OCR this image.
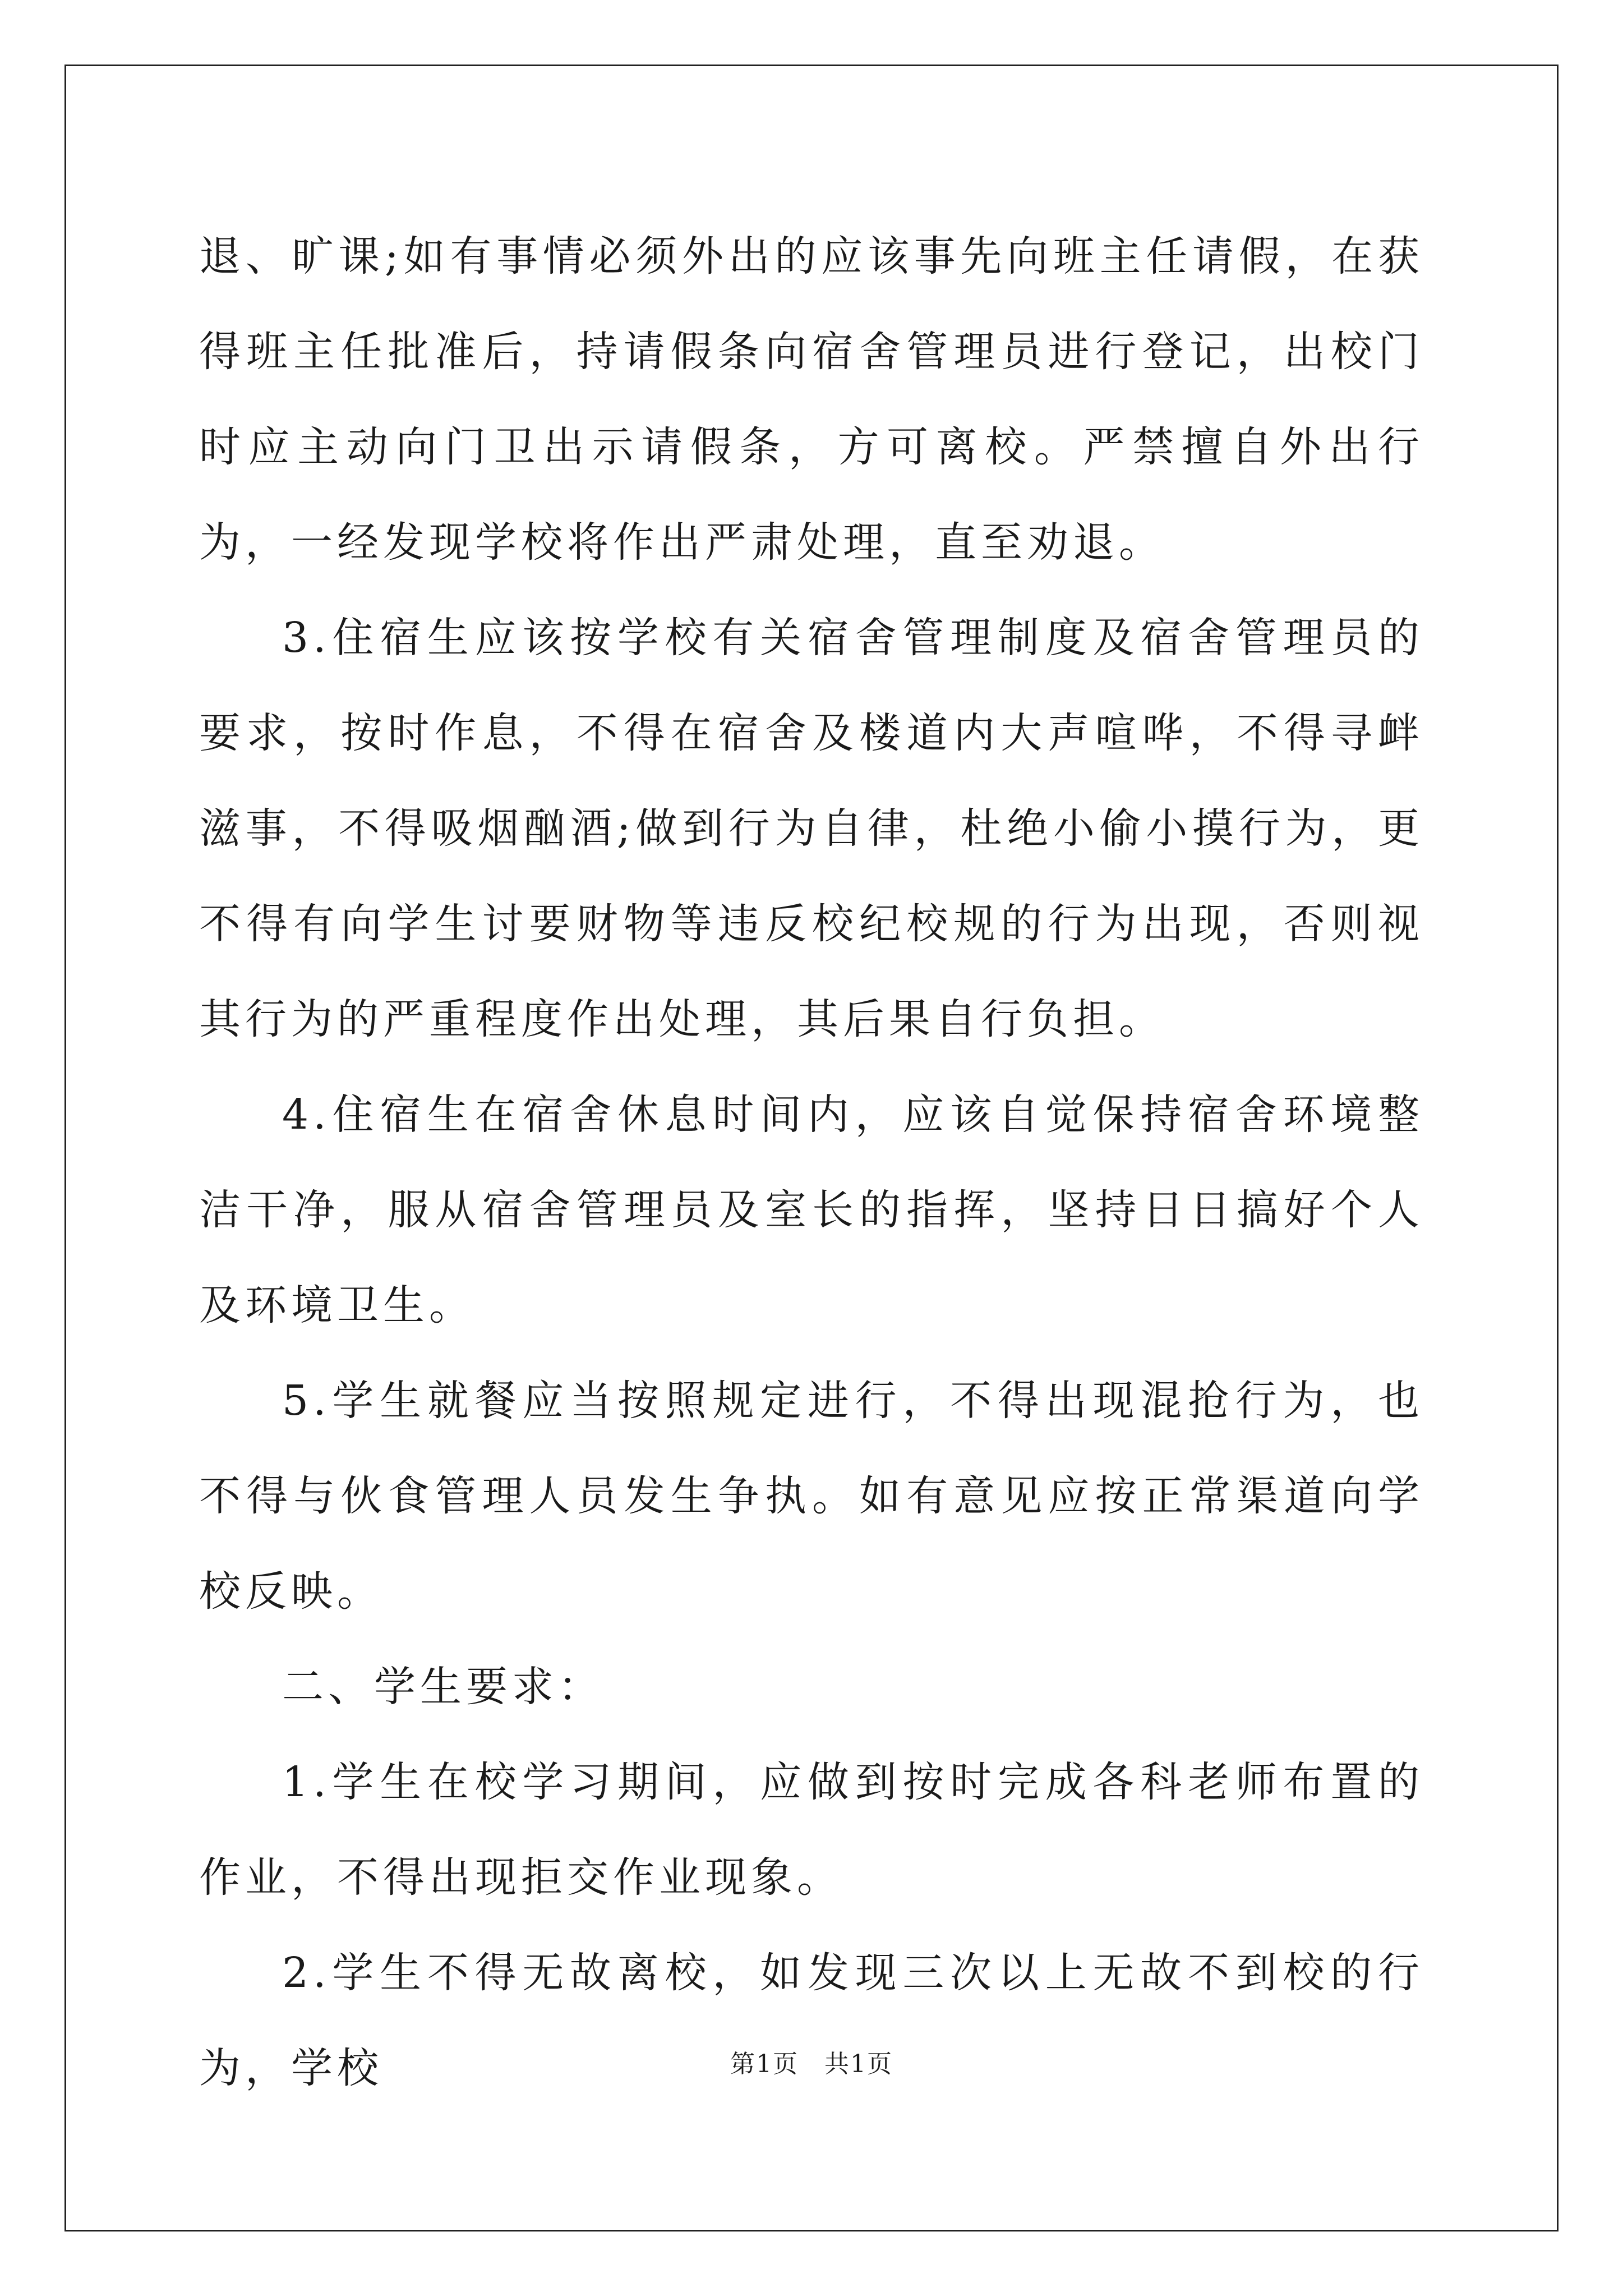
退、旷课;如有事情必须外出的应该事先向班主任请假，在获得班主任批准后，持请假条向宿舍管理员进行登记，出校门时应主动向门卫出示请假条，方可离校。严禁擅自外出行为，一经发现学校将作出严肃处理，直至劝退。

3.住宿生应该按学校有关宿舍管理制度及宿舍管理员的要求，按时作息，不得在宿舍及楼道内大声喧哗，不得寻衅滋事，不得吸烟酗酒;做到行为自律，杜绝小偷小摸行为，更不得有向学生讨要财物等违反校纪校规的行为出现，否则视其行为的严重程度作出处理，其后果自行负担。

4.住宿生在宿舍休息时间内，应该自觉保持宿舍环境整洁干净，服从宿舍管理员及室长的指挥，坚持日日搞好个人及环境卫生。

5.学生就餐应当按照规定进行，不得出现混抢行为，也不得与伙食管理人员发生争执。如有意见应按正常渠道向学校反映。

二、学生要求：

1.学生在校学习期间，应做到按时完成各科老师布置的作业，不得出现拒交作业现象。

2.学生不得无故离校，如发现三次以上无故不到校的行为，学校	第1页　共1页
